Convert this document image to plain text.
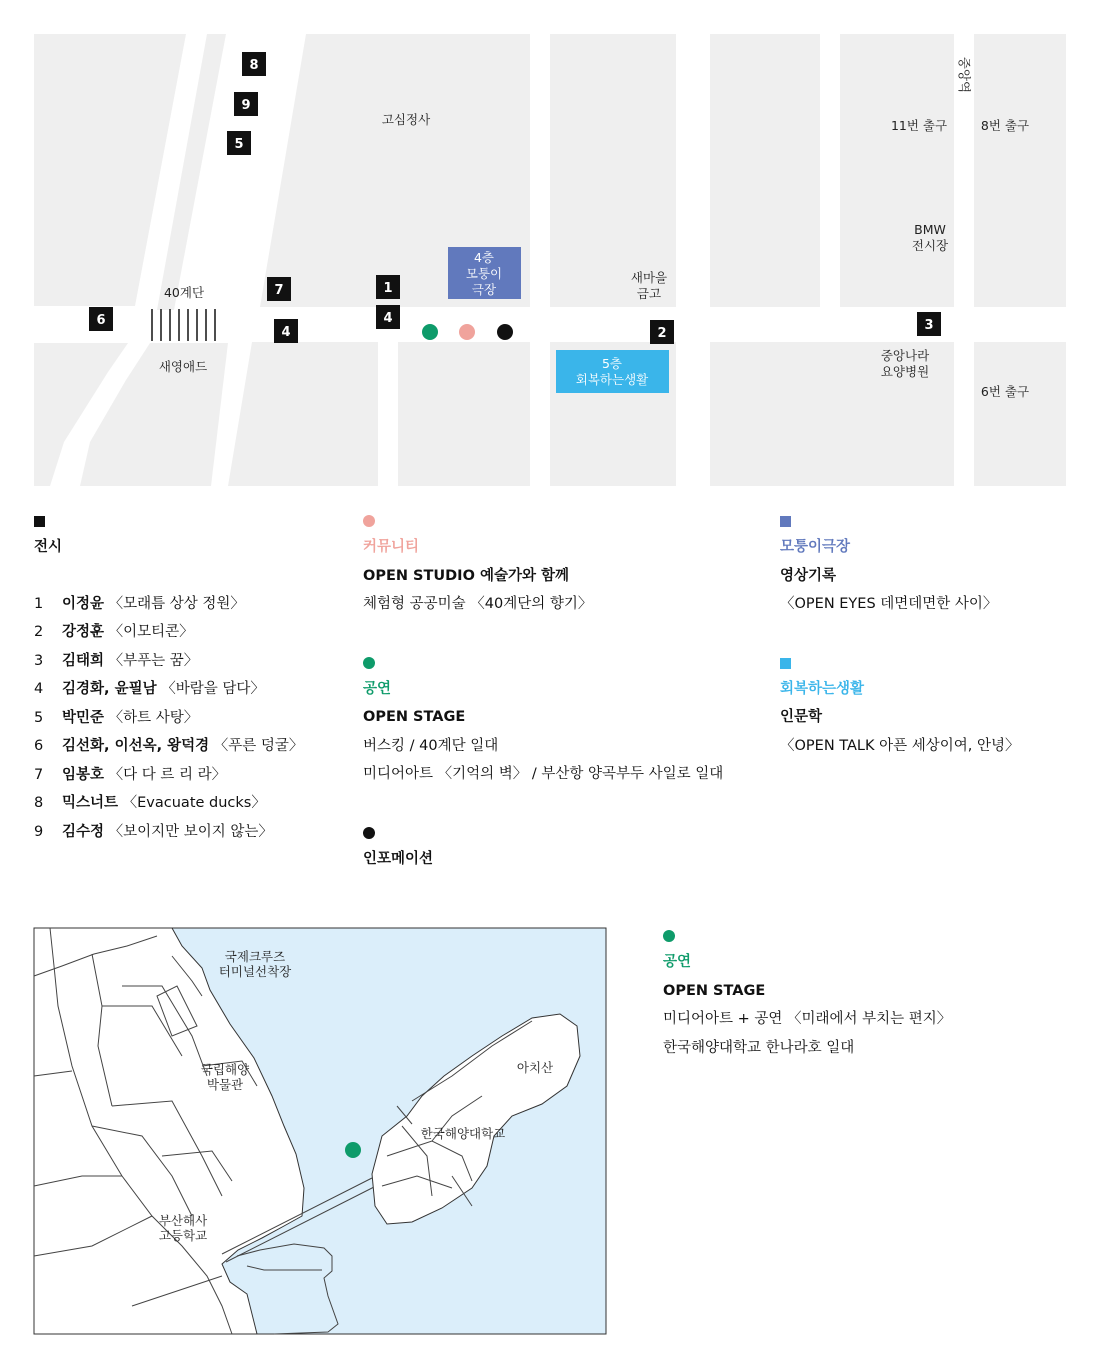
고심정사
40계단
새영애드
새마을
금고
BMW
전시장
중앙나라
요양병원
11번 출구	8번 출구
6번 출구
중앙역
4층
모퉁이
극장
5층
회복하는생활
8
9
5
7	1
4
6
4	2
3
전시
1 이정윤 〈모래틈 상상 정원〉
2 강정훈 〈이모티콘〉
3 김태희 〈부푸는 꿈〉
4 김경화, 윤필남 〈바람을 담다〉
5 박민준 〈하트 사탕〉
6 김선화, 이선옥, 왕덕경 〈푸른 덩굴〉
7 임봉호 〈다 다 르 리 라〉
8 믹스너트 〈Evacuate ducks〉
9 김수정 〈보이지만 보이지 않는〉
커뮤니티
OPEN STUDIO 예술가와 함께
체험형 공공미술 〈40계단의 향기〉
공연
OPEN STAGE
버스킹 / 40계단 일대
미디어아트 〈기억의 벽〉 / 부산항 양곡부두 사일로 일대
인포메이션
모퉁이극장
영상기록
〈OPEN EYES 데면데면한 사이〉
회복하는생활
인문학
〈OPEN TALK 아픈 세상이여, 안녕〉
국제크루즈
터미널선착장
국립해양
박물관
아치산
한국해양대학교
부산해사
고등학교
공연
OPEN STAGE
미디어아트 + 공연 〈미래에서 부치는 편지〉
한국해양대학교 한나라호 일대
